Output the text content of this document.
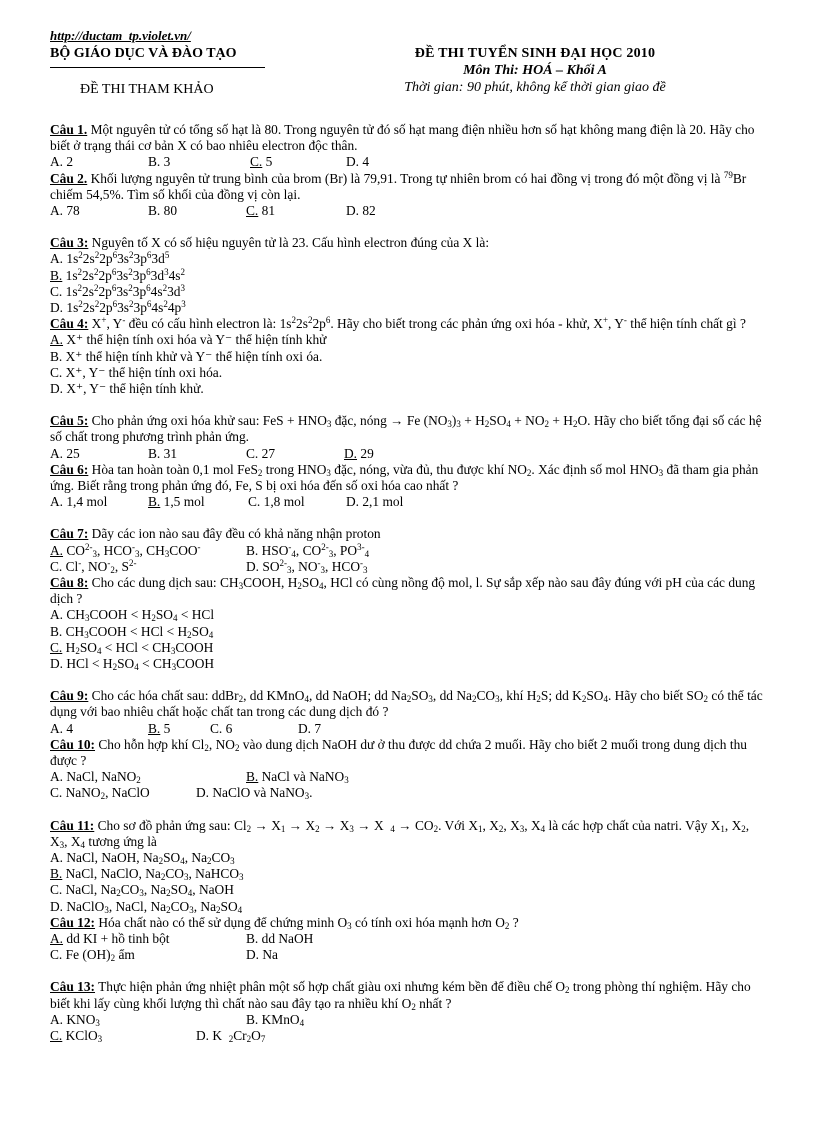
http://ductam_tp.violet.vn/
BỘ GIÁO DỤC VÀ ĐÀO TẠO
ĐỀ THI THAM KHẢO
ĐỀ THI TUYỂN SINH ĐẠI HỌC 2010
Môn Thi: HOÁ – Khối A
Thời gian: 90 phút, không kể thời gian giao đề
Câu 1. Một nguyên tử có tổng số hạt là 80. Trong nguyên tử đó số hạt mang điện nhiều hơn số hạt không mang điện là 20. Hãy cho biết ở trạng thái cơ bản X có bao nhiêu electron độc thân.
A. 2	B. 3	C. 5	D. 4
Câu 2. Khối lượng nguyên tử trung bình của brom (Br) là 79,91. Trong tự nhiên brom có hai đồng vị trong đó một đồng vị là $^{79}$Br chiếm 54,5%. Tìm số khối của đồng vị còn lại.
A. 78	B. 80	C. 81	D. 82
Câu 3: Nguyên tố X có số hiệu nguyên tử là 23. Cấu hình electron đúng của X là:
A. $1s^22s^22p^63s^23p^63d^5$
B. $1s^22s^22p^63s^23p^63d^34s^2$
C. $1s^22s^22p^63s^23p^64s^23d^3$
D. $1s^22s^22p^63s^23p^64s^24p^3$
Câu 4: X+, Y- đều có cấu hình electron là: $1s^22s^22p^6$. Hãy cho biết trong các phản ứng oxi hóa - khử, X+, Y- thể hiện tính chất gì ?
A. X⁺ thể hiện tính oxi hóa và Y⁻ thể hiện tính khử
B. X⁺ thể hiện tính khử và Y⁻ thể hiện tính oxi óa.
C. X⁺, Y⁻ thể hiện tính oxi hóa.
D. X⁺, Y⁻ thể hiện tính khử.
Câu 5: Cho phản ứng oxi hóa khử sau: FeS + $HNO_3$ đặc, nóng → Fe $(NO_3)_3 + H_2SO_4 + NO_2 + H_2O$. Hãy cho biết tổng đại số các hệ số chất trong phương trình phản ứng.
A. 25	B. 31	C. 27	D. 29
Câu 6: Hòa tan hoàn toàn 0,1 mol FeS$_2$ trong $HNO_3$ đặc, nóng, vừa đủ, thu được khí $NO_2$. Xác định số mol $HNO_3$ đã tham gia phản ứng. Biết rằng trong phản ứng đó, Fe, S bị oxi hóa đến số oxi hóa cao nhất ?
A. 1,4 mol	B. 1,5 mol	C. 1,8 mol	D. 2,1 mol
Câu 7: Dãy các ion nào sau đây đều có khả năng nhận proton
A. $CO^{2-}_3$, $HCO^-_3$, $CH_3COO^-$	B. $HSO^-_4$, $CO^{2-}_3$, $PO^{3-}_4$
C. Cl-, $NO^-_2$, $S^{2-}$	D. $SO^{2-}_3$, $NO^-_3$, $HCO^-_3$
Câu 8: Cho các dung dịch sau: $CH_3COOH$, $H_2SO_4$, HCl có cùng nồng độ mol, l. Sự sắp xếp nào sau đây đúng với pH của các dung dịch ?
A. $CH_3COOH < H_2SO_4$ < HCl
B. $CH_3COOH$ < HCl < $H_2SO_4$
C. $H_2SO_4$ < HCl < $CH_3COOH$
D. HCl < $H_2SO_4$ < $CH_3COOH$
Câu 9: Cho các hóa chất sau: ddBr$_2$, dd KMnO$_4$, dd NaOH; dd $Na_2SO_3$, dd $Na_2CO_3$, khí $H_2S$; dd $K_2SO_4$. Hãy cho biết $SO_2$ có thể tác dụng với bao nhiêu chất hoặc chất tan trong các dung dịch đó ?
A. 4	B. 5	C. 6	D. 7
Câu 10: Cho hỗn hợp khí $Cl_2$, $NO_2$ vào dung dịch NaOH dư ở thu được dd chứa 2 muối. Hãy cho biết 2 muối trong dung dịch thu được ?
A. NaCl, NaNO$_2$	B. NaCl và NaNO$_3$
C. NaNO$_2$, NaClO	D. NaClO và NaNO$_3$.
Câu 11: Cho sơ đồ phản ứng sau: $Cl_2 \to X_1 \to X_2 \to X_3 \to X$  $_4 \to CO_2$. Với $X_1$, $X_2$, $X_3$, $X_4$ là các hợp chất của natri. Vậy $X_1$, $X_2$, $X_3$, $X_4$ tương ứng là
A. NaCl, NaOH, $Na_2SO_4$, $Na_2CO_3$
B. NaCl, NaClO, $Na_2CO_3$, NaHCO$_3$
C. NaCl, $Na_2CO_3$, $Na_2SO_4$, NaOH
D. NaClO$_3$, NaCl, $Na_2CO_3$, $Na_2SO_4$
Câu 12: Hóa chất nào có thể sử dụng để chứng minh $O_3$ có tính oxi hóa mạnh hơn $O_2$ ?
A. dd KI + hồ tinh bột	B. dd NaOH
C. Fe $(OH)_2$ ẩm	D. Na
Câu 13: Thực hiện phản ứng nhiệt phân một số hợp chất giàu oxi nhưng kém bền để điều chế $O_2$ trong phòng thí nghiệm. Hãy cho biết khi lấy cùng khối lượng thì chất nào sau đây tạo ra nhiều khí $O_2$ nhất ?
A. $KNO_3$	B. KMnO$_4$
C. KClO$_3$	D. K $_2Cr_2O_7$
